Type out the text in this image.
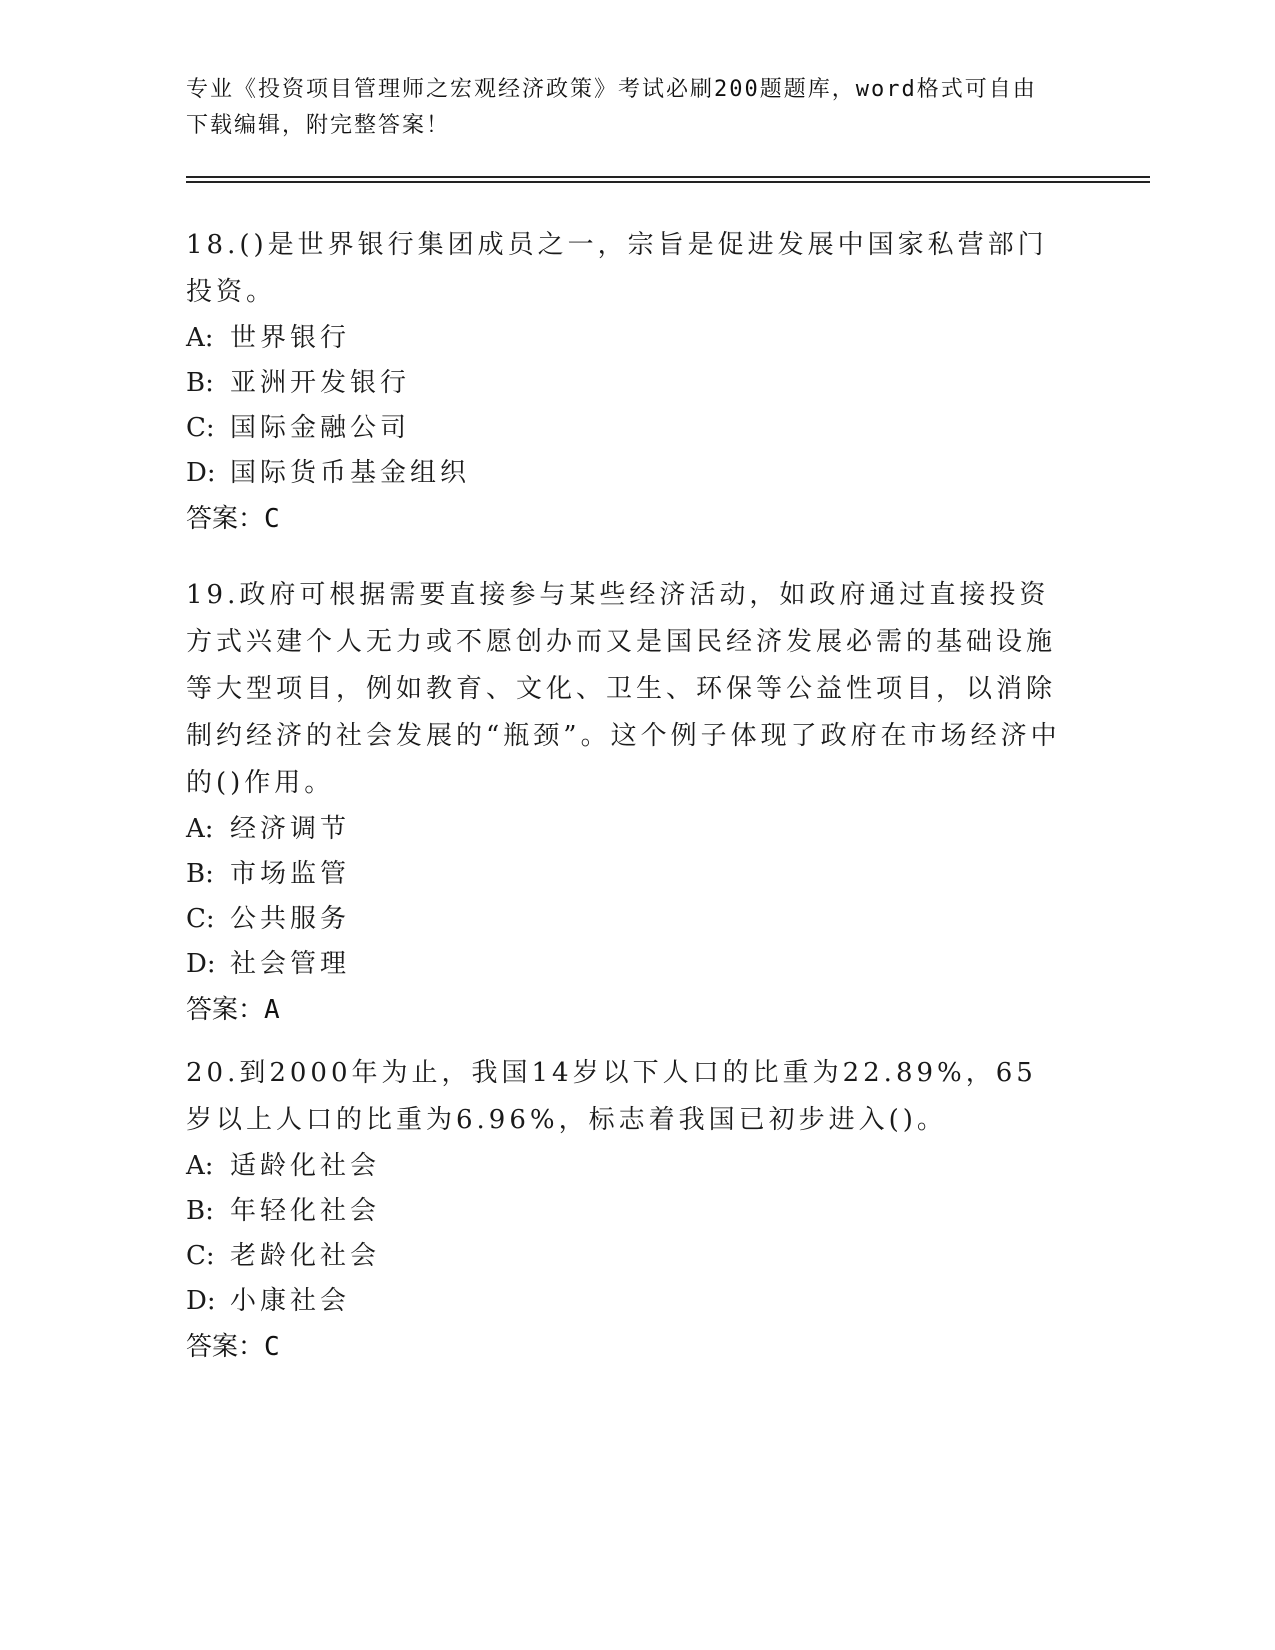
专业《投资项目管理师之宏观经济政策》考试必刷200题题库，word格式可自由
下载编辑，附完整答案！

18.()是世界银行集团成员之一，宗旨是促进发展中国家私营部门投资。

A: 世界银行

B: 亚洲开发银行

C: 国际金融公司

D: 国际货币基金组织

答案：C

19.政府可根据需要直接参与某些经济活动，如政府通过直接投资方式兴建个人无力或不愿创办而又是国民经济发展必需的基础设施等大型项目，例如教育、文化、卫生、环保等公益性项目，以消除制约经济的社会发展的“瓶颈”。这个例子体现了政府在市场经济中的()作用。

A: 经济调节

B: 市场监管

C: 公共服务

D: 社会管理

答案：A

20.到2000年为止，我国14岁以下人口的比重为22.89%，65岁以上人口的比重为6.96%，标志着我国已初步进入()。

A: 适龄化社会

B: 年轻化社会

C: 老龄化社会

D: 小康社会

答案：C
